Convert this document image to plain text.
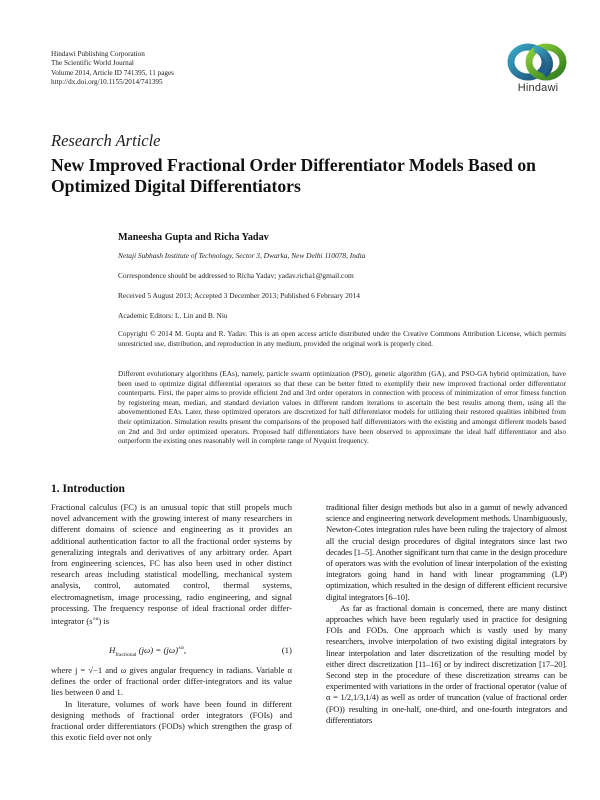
Hindawi Publishing Corporation
The Scientific World Journal
Volume 2014, Article ID 741395, 11 pages
http://dx.doi.org/10.1155/2014/741395	Hindawi
Research Article
New Improved Fractional Order Differentiator Models Based on Optimized Digital Differentiators
Maneesha Gupta and Richa Yadav
Netaji Subhash Institute of Technology, Sector 3, Dwarka, New Delhi 110078, India
Correspondence should be addressed to Richa Yadav; yadav.richa1@gmail.com
Received 5 August 2013; Accepted 3 December 2013; Published 6 February 2014
Academic Editors: L. Lin and B. Niu
Copyright © 2014 M. Gupta and R. Yadav. This is an open access article distributed under the Creative Commons Attribution License, which permits unrestricted use, distribution, and reproduction in any medium, provided the original work is properly cited.
Different evolutionary algorithms (EAs), namely, particle swarm optimization (PSO), genetic algorithm (GA), and PSO-GA hybrid optimization, have been used to optimize digital differential operators so that these can be better fitted to exemplify their new improved fractional order differentiator counterparts. First, the paper aims to provide efficient 2nd and 3rd order operators in connection with process of minimization of error fitness function by registering mean, median, and standard deviation values in different random iterations to ascertain the best results among them, using all the abovementioned EAs. Later, these optimized operators are discretized for half differentiator models for utilizing their restored qualities inhibited from their optimization. Simulation results present the comparisons of the proposed half differentiators with the existing and amongst different models based on 2nd and 3rd order optimized operators. Proposed half differentiators have been observed to approximate the ideal half differentiator and also outperform the existing ones reasonably well in complete range of Nyquist frequency.
1. Introduction
Fractional calculus (FC) is an unusual topic that still propels much novel advancement with the growing interest of many researchers in different domains of science and engineering as it provides an additional authentication factor to all the fractional order systems by generalizing integrals and derivatives of any arbitrary order. Apart from engineering sciences, FC has also been used in other distinct research areas including statistical modelling, mechanical system analysis, control, automated control, thermal systems, electromagnetism, image processing, radio engineering, and signal processing. The frequency response of ideal fractional order differ-integrator $(s^{\pm\alpha})$ is
$H_{fractional}$ $(j\omega) = (j\omega)^{\pm\alpha}$,	(1)
where j = √−1 and ω gives angular frequency in radians. Variable α defines the order of fractional order differ-integrators and its value lies between 0 and 1.
In literature, volumes of work have been found in different designing methods of fractional order integrators (FOIs) and fractional order differentiators (FODs) which strengthen the grasp of this exotic field over not only
traditional filter design methods but also in a gamut of newly advanced science and engineering network development methods. Unambiguously, Newton-Cotes integration rules have been ruling the trajectory of almost all the crucial design procedures of digital integrators since last two decades [1–5]. Another significant turn that came in the design procedure of operators was with the evolution of linear interpolation of the existing integrators going hand in hand with linear programming (LP) optimization, which resulted in the design of different efficient recursive digital integrators [6–10].
As far as fractional domain is concerned, there are many distinct approaches which have been regularly used in practice for designing FOIs and FODs. One approach which is vastly used by many researchers, involve interpolation of two existing digital integrators by linear interpolation and later discretization of the resulting model by either direct discretization [11–16] or by indirect discretization [17–20]. Second step in the procedure of these discretization streams can be experimented with variations in the order of fractional operator (value of α = 1/2,1/3,1/4) as well as order of truncation (value of fractional order (FO)) resulting in one-half, one-third, and one-fourth integrators and differentiators
